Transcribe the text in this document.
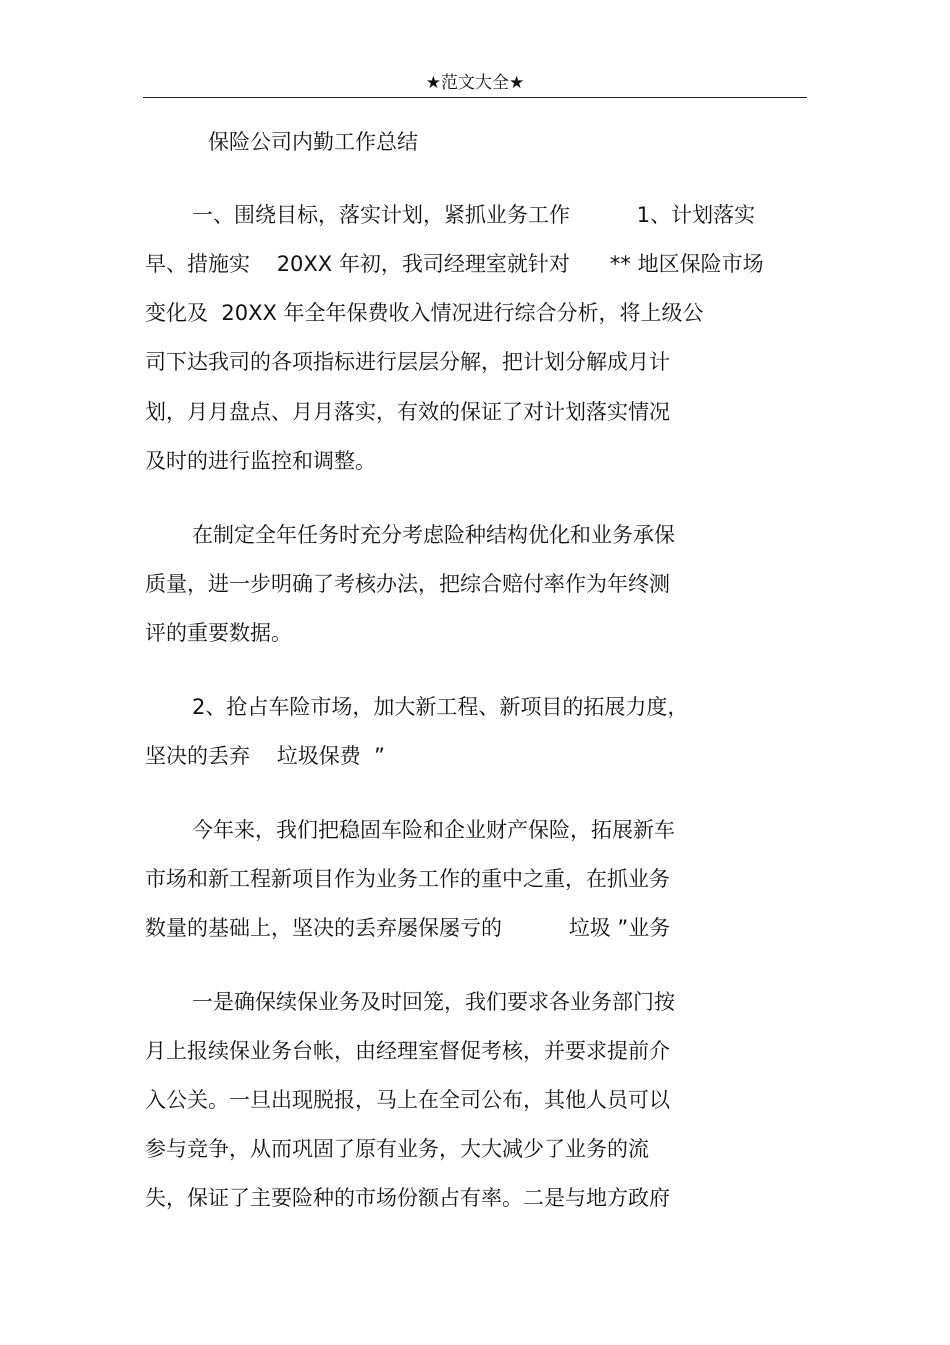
★范文大全★
保险公司内勤工作总结
一、围绕目标，落实计划，紧抓业务工作          1、计划落实
早、措施实    20XX 年初，我司经理室就针对      ** 地区保险市场
变化及  20XX 年全年保费收入情况进行综合分析，将上级公
司下达我司的各项指标进行层层分解，把计划分解成月计
划，月月盘点、月月落实，有效的保证了对计划落实情况
及时的进行监控和调整。
在制定全年任务时充分考虑险种结构优化和业务承保
质量，进一步明确了考核办法，把综合赔付率作为年终测
评的重要数据。
2、抢占车险市场，加大新工程、新项目的拓展力度，
坚决的丢弃    垃圾保费  ”
今年来，我们把稳固车险和企业财产保险，拓展新车
市场和新工程新项目作为业务工作的重中之重，在抓业务
数量的基础上，坚决的丢弃屡保屡亏的          垃圾 ”业务
一是确保续保业务及时回笼，我们要求各业务部门按
月上报续保业务台帐，由经理室督促考核，并要求提前介
入公关。一旦出现脱报，马上在全司公布，其他人员可以
参与竞争，从而巩固了原有业务，大大减少了业务的流
失，保证了主要险种的市场份额占有率。二是与地方政府
